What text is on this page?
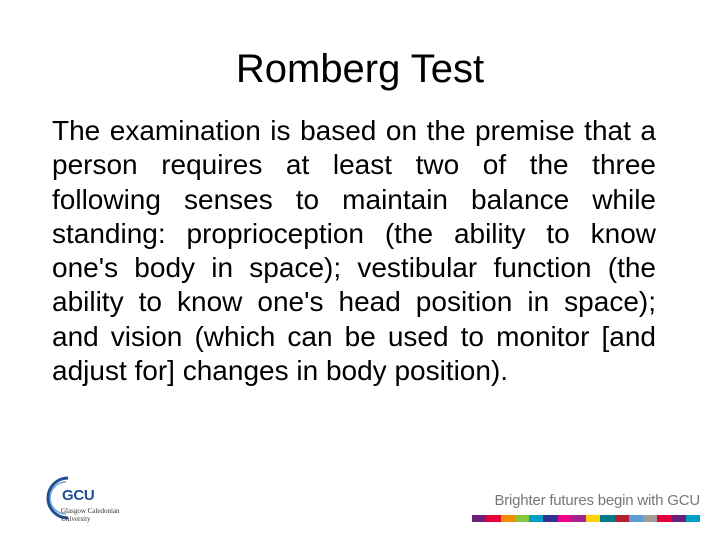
Romberg Test

The examination is based on the premise that a person requires at least two of the three following senses to maintain balance while standing: proprioception (the ability to know one's body in space); vestibular function (the ability to know one's head position in space); and vision (which can be used to monitor [and adjust for] changes in body position).

GCU
Glasgow Caledonian University
Brighter futures begin with GCU
